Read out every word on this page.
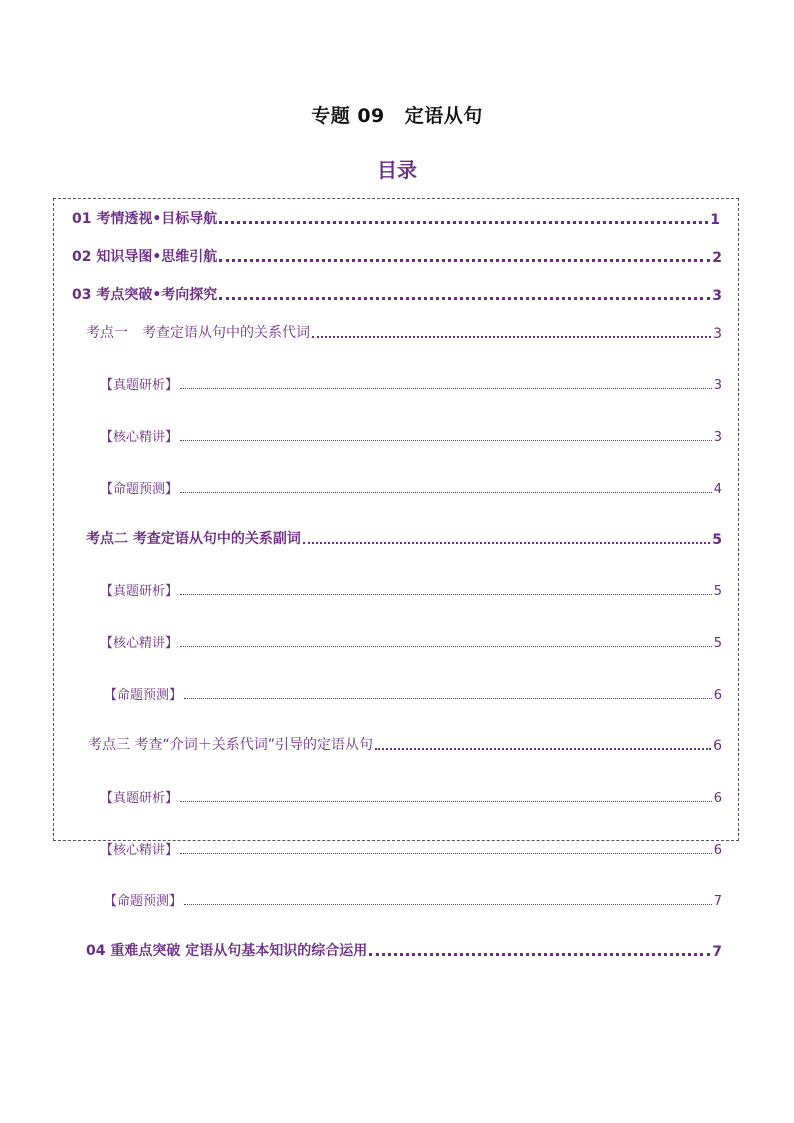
专题 09 定语从句
目录
01 考情透视•目标导航	1
02 知识导图•思维引航	2
03 考点突破•考向探究	3
考点一　考查定语从句中的关系代词	3
【真题研析】	3
【核心精讲】	3
【命题预测】	4
考点二 考查定语从句中的关系副词	5
【真题研析】	5
【核心精讲】	5
【命题预测】	6
考点三 考查“介词＋关系代词”引导的定语从句	6
【真题研析】	6
【核心精讲】	6
【命题预测】	7
04 重难点突破 定语从句基本知识的综合运用	7
